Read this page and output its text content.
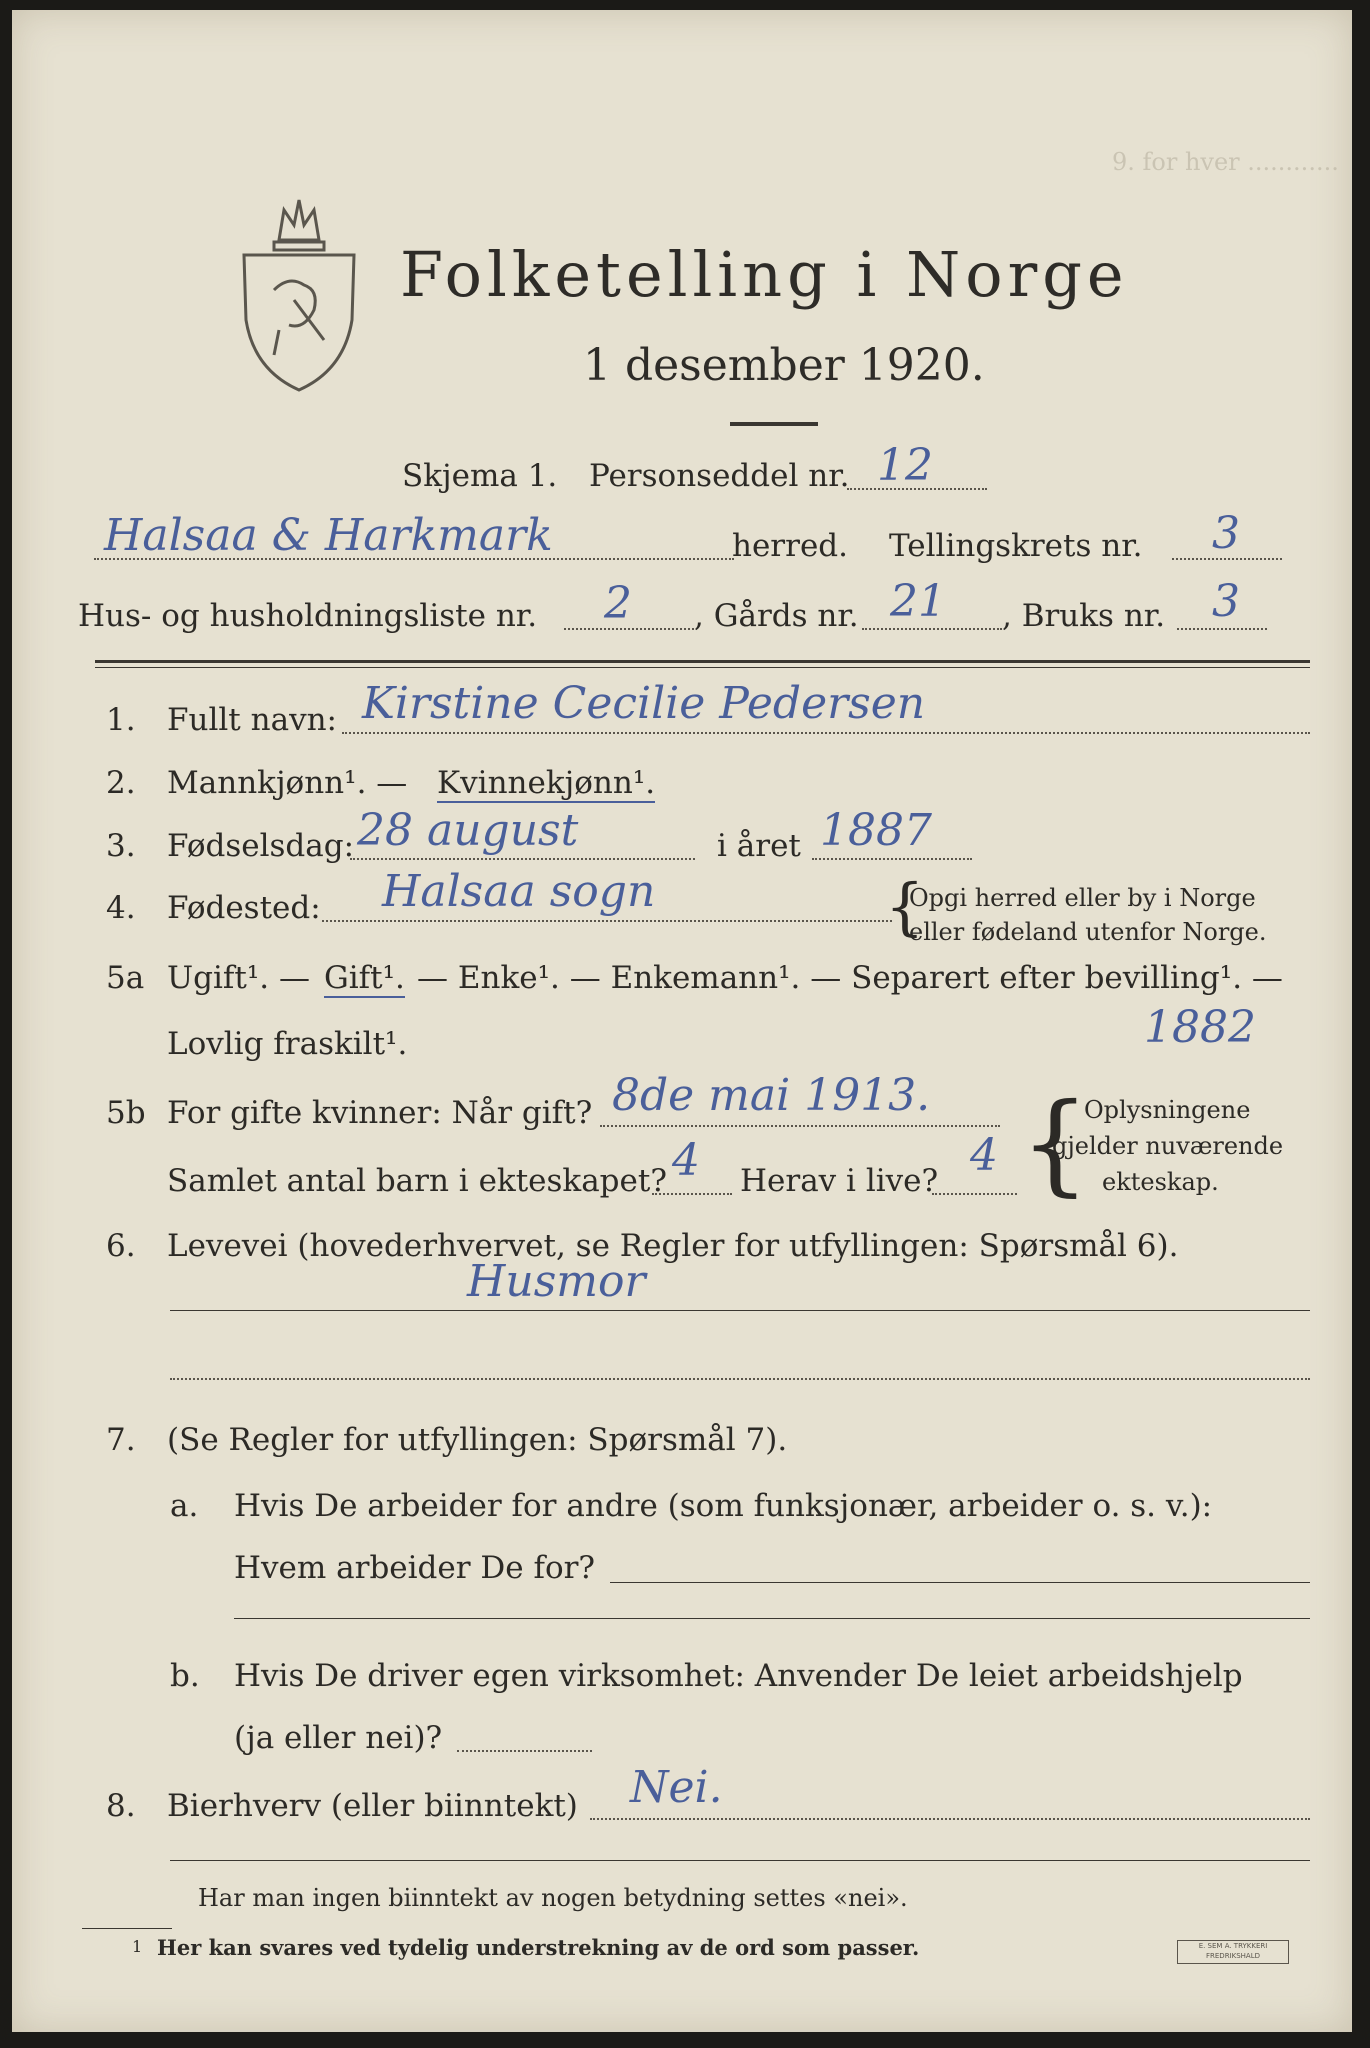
Folketelling i Norge
1 desember 1920.
9. for hver ............
Skjema 1. Personseddel nr. 12
Halsaa & Harkmark	herred. Tellingskrets nr. 3
Hus- og husholdningsliste nr. 2 , Gårds nr. 21 , Bruks nr. 3
1. Fullt navn: Kirstine Cecilie Pedersen
2. Mannkjønn¹. — Kvinnekjønn¹.
3. Fødselsdag: 28 august	i året 1887
4. Fødested: Halsaa sogn	{
Opgi herred eller by i Norge
eller fødeland utenfor Norge.
5a Ugift¹. — Gift¹. — Enke¹. — Enkemann¹. — Separert efter bevilling¹. —
Lovlig fraskilt¹.	1882
5b For gifte kvinner: Når gift? 8de mai 1913.
Samlet antal barn i ekteskapet? 4 Herav i live? 4 {
Oplysningene
gjelder nuværende
ekteskap.
6. Levevei (hovederhvervet, se Regler for utfyllingen: Spørsmål 6).
Husmor
7. (Se Regler for utfyllingen: Spørsmål 7).
a. Hvis De arbeider for andre (som funksjonær, arbeider o. s. v.):
Hvem arbeider De for?
b. Hvis De driver egen virksomhet: Anvender De leiet arbeidshjelp
(ja eller nei)?
8. Bierhverv (eller biinntekt) Nei.
Har man ingen biinntekt av nogen betydning settes «nei».
1 Her kan svares ved tydelig understrekning av de ord som passer.	E. SEM A. TRYKKERI FREDRIKSHALD
